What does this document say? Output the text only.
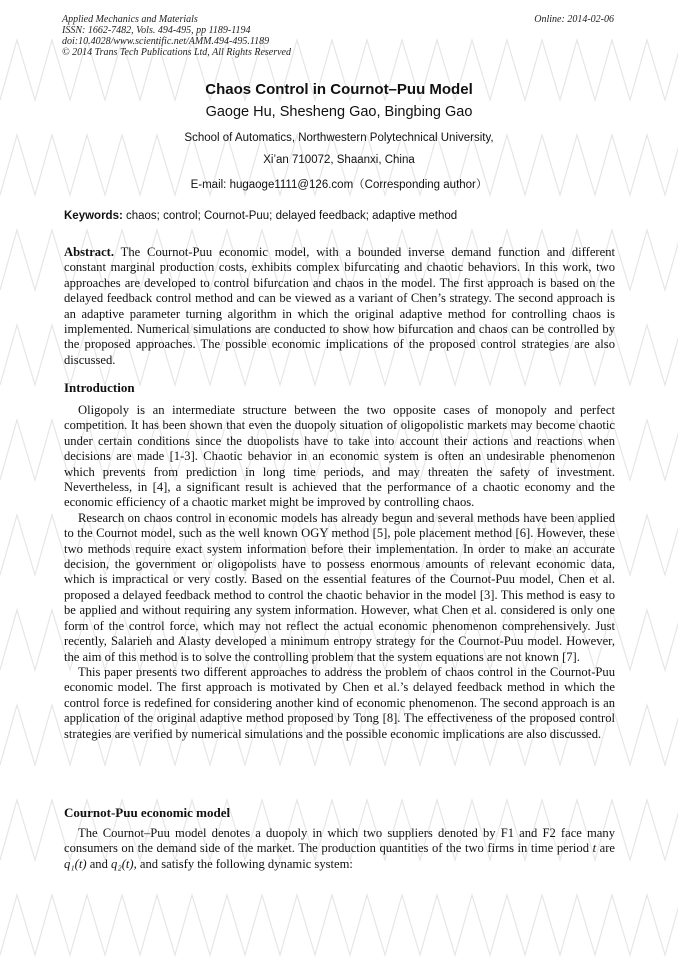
Applied Mechanics and Materials
ISSN: 1662-7482, Vols. 494-495, pp 1189-1194
doi:10.4028/www.scientific.net/AMM.494-495.1189
© 2014 Trans Tech Publications Ltd, All Rights Reserved
Online: 2014-02-06
Chaos Control in Cournot–Puu Model
Gaoge Hu, Shesheng Gao, Bingbing Gao
School of Automatics, Northwestern Polytechnical University,
Xi’an 710072, Shaanxi, China
E-mail: hugaoge1111@126.com（Corresponding author）
Keywords: chaos; control; Cournot-Puu; delayed feedback; adaptive method

Abstract. The Cournot-Puu economic model, with a bounded inverse demand function and different constant marginal production costs, exhibits complex bifurcating and chaotic behaviors. In this work, two approaches are developed to control bifurcation and chaos in the model. The first approach is based on the delayed feedback control method and can be viewed as a variant of Chen’s strategy. The second approach is an adaptive parameter turning algorithm in which the original adaptive method for controlling chaos is implemented. Numerical simulations are conducted to show how bifurcation and chaos can be controlled by the proposed approaches. The possible economic implications of the proposed control strategies are also discussed.

Introduction

Oligopoly is an intermediate structure between the two opposite cases of monopoly and perfect competition. It has been shown that even the duopoly situation of oligopolistic markets may become chaotic under certain conditions since the duopolists have to take into account their actions and reactions when decisions are made [1-3]. Chaotic behavior in an economic system is often an undesirable phenomenon which prevents from prediction in long time periods, and may threaten the safety of investment. Nevertheless, in [4], a significant result is achieved that the performance of a chaotic economy and the economic efficiency of a chaotic market might be improved by controlling chaos.

Research on chaos control in economic models has already begun and several methods have been applied to the Cournot model, such as the well known OGY method [5], pole placement method [6]. However, these two methods require exact system information before their implementation. In order to make an accurate decision, the government or oligopolists have to possess enormous amounts of relevant economic data, which is impractical or very costly. Based on the essential features of the Cournot-Puu model, Chen et al. proposed a delayed feedback method to control the chaotic behavior in the model [3]. This method is easy to be applied and without requiring any system information. However, what Chen et al. considered is only one form of the control force, which may not reflect the actual economic phenomenon comprehensively. Just recently, Salarieh and Alasty developed a minimum entropy strategy for the Cournot-Puu model. However, the aim of this method is to solve the controlling problem that the system equations are not known [7].

This paper presents two different approaches to address the problem of chaos control in the Cournot-Puu economic model. The first approach is motivated by Chen et al.’s delayed feedback method in which the control force is redefined for considering another kind of economic phenomenon. The second approach is an application of the original adaptive method proposed by Tong [8]. The effectiveness of the proposed control strategies are verified by numerical simulations and the possible economic implications are also discussed.

Cournot-Puu economic model

The Cournot–Puu model denotes a duopoly in which two suppliers denoted by F1 and F2 face many consumers on the demand side of the market. The production quantities of the two firms in time period t are q₁(t) and q₂(t), and satisfy the following dynamic system:
